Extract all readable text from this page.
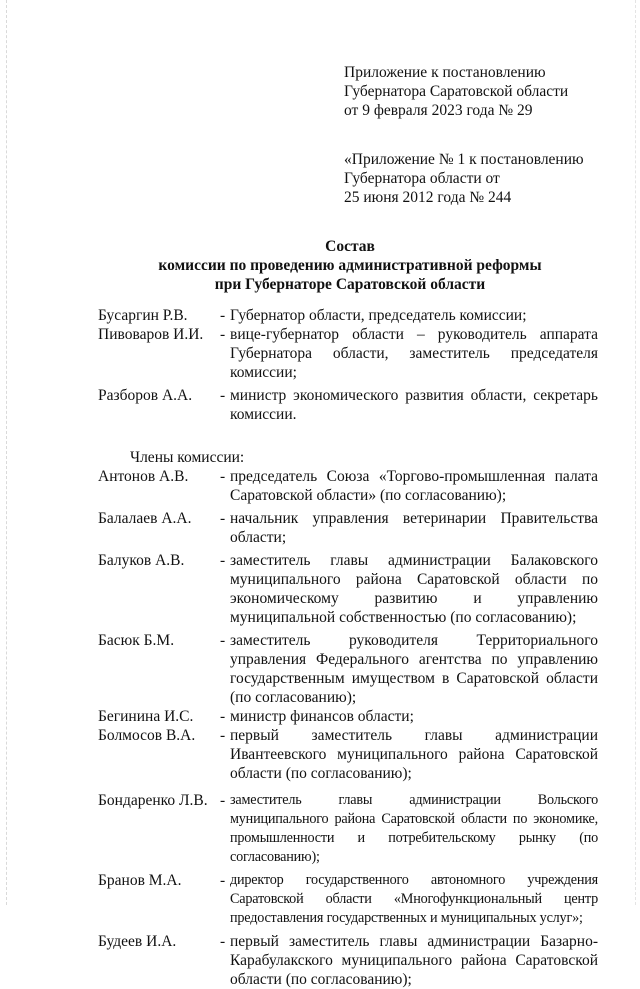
Приложение к постановлению
Губернатора Саратовской области
от 9 февраля 2023 года № 29
«Приложение № 1 к постановлению
Губернатора области от
25 июня 2012 года № 244
Состав
комиссии по проведению административной реформы
при Губернаторе Саратовской области
Бусаргин Р.В.	- Губернатор области, председатель комиссии;
Пивоваров И.И.	- вице-губернатор области – руководитель аппарата Губернатора области, заместитель председателя комиссии;
Разборов А.А.	- министр экономического развития области, секретарь комиссии.
Члены комиссии:
Антонов А.В.	- председатель Союза «Торгово-промышленная палата Саратовской области» (по согласованию);
Балалаев А.А.	- начальник управления ветеринарии Правительства области;
Балуков А.В.	- заместитель главы администрации Балаковского муниципального района Саратовской области по экономическому развитию и управлению муниципальной собственностью (по согласованию);
Басюк Б.М.	- заместитель руководителя Территориального управления Федерального агентства по управлению государственным имуществом в Саратовской области (по согласованию);
Бегинина И.С.	- министр финансов области;
Болмосов В.А.	- первый заместитель главы администрации Ивантеевского муниципального района Саратовской области (по согласованию);
Бондаренко Л.В. - заместитель главы администрации Вольского муниципального района Саратовской области по экономике, промышленности и потребительскому рынку (по согласованию);
Бранов М.А.	- директор государственного автономного учреждения Саратовской области «Многофункциональный центр предоставления государственных и муниципальных услуг»;
Будеев И.А.	- первый заместитель главы администрации Базарно-Карабулакского муниципального района Саратовской области (по согласованию);
